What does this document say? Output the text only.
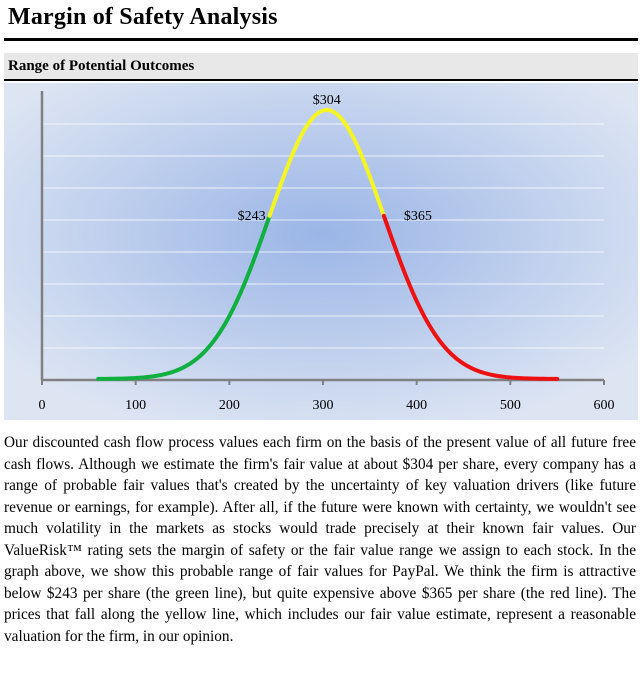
Margin of Safety Analysis
Range of Potential Outcomes
0	100	200	300	400	500	600
$304
$243	$365

Our discounted cash flow process values each firm on the basis of the present value of all future free cash flows. Although we estimate the firm's fair value at about $304 per share, every company has a range of probable fair values that's created by the uncertainty of key valuation drivers (like future revenue or earnings, for example). After all, if the future were known with certainty, we wouldn't see much volatility in the markets as stocks would trade precisely at their known fair values. Our ValueRisk™ rating sets the margin of safety or the fair value range we assign to each stock. In the graph above, we show this probable range of fair values for PayPal. We think the firm is attractive below $243 per share (the green line), but quite expensive above $365 per share (the red line). The prices that fall along the yellow line, which includes our fair value estimate, represent a reasonable valuation for the firm, in our opinion.
